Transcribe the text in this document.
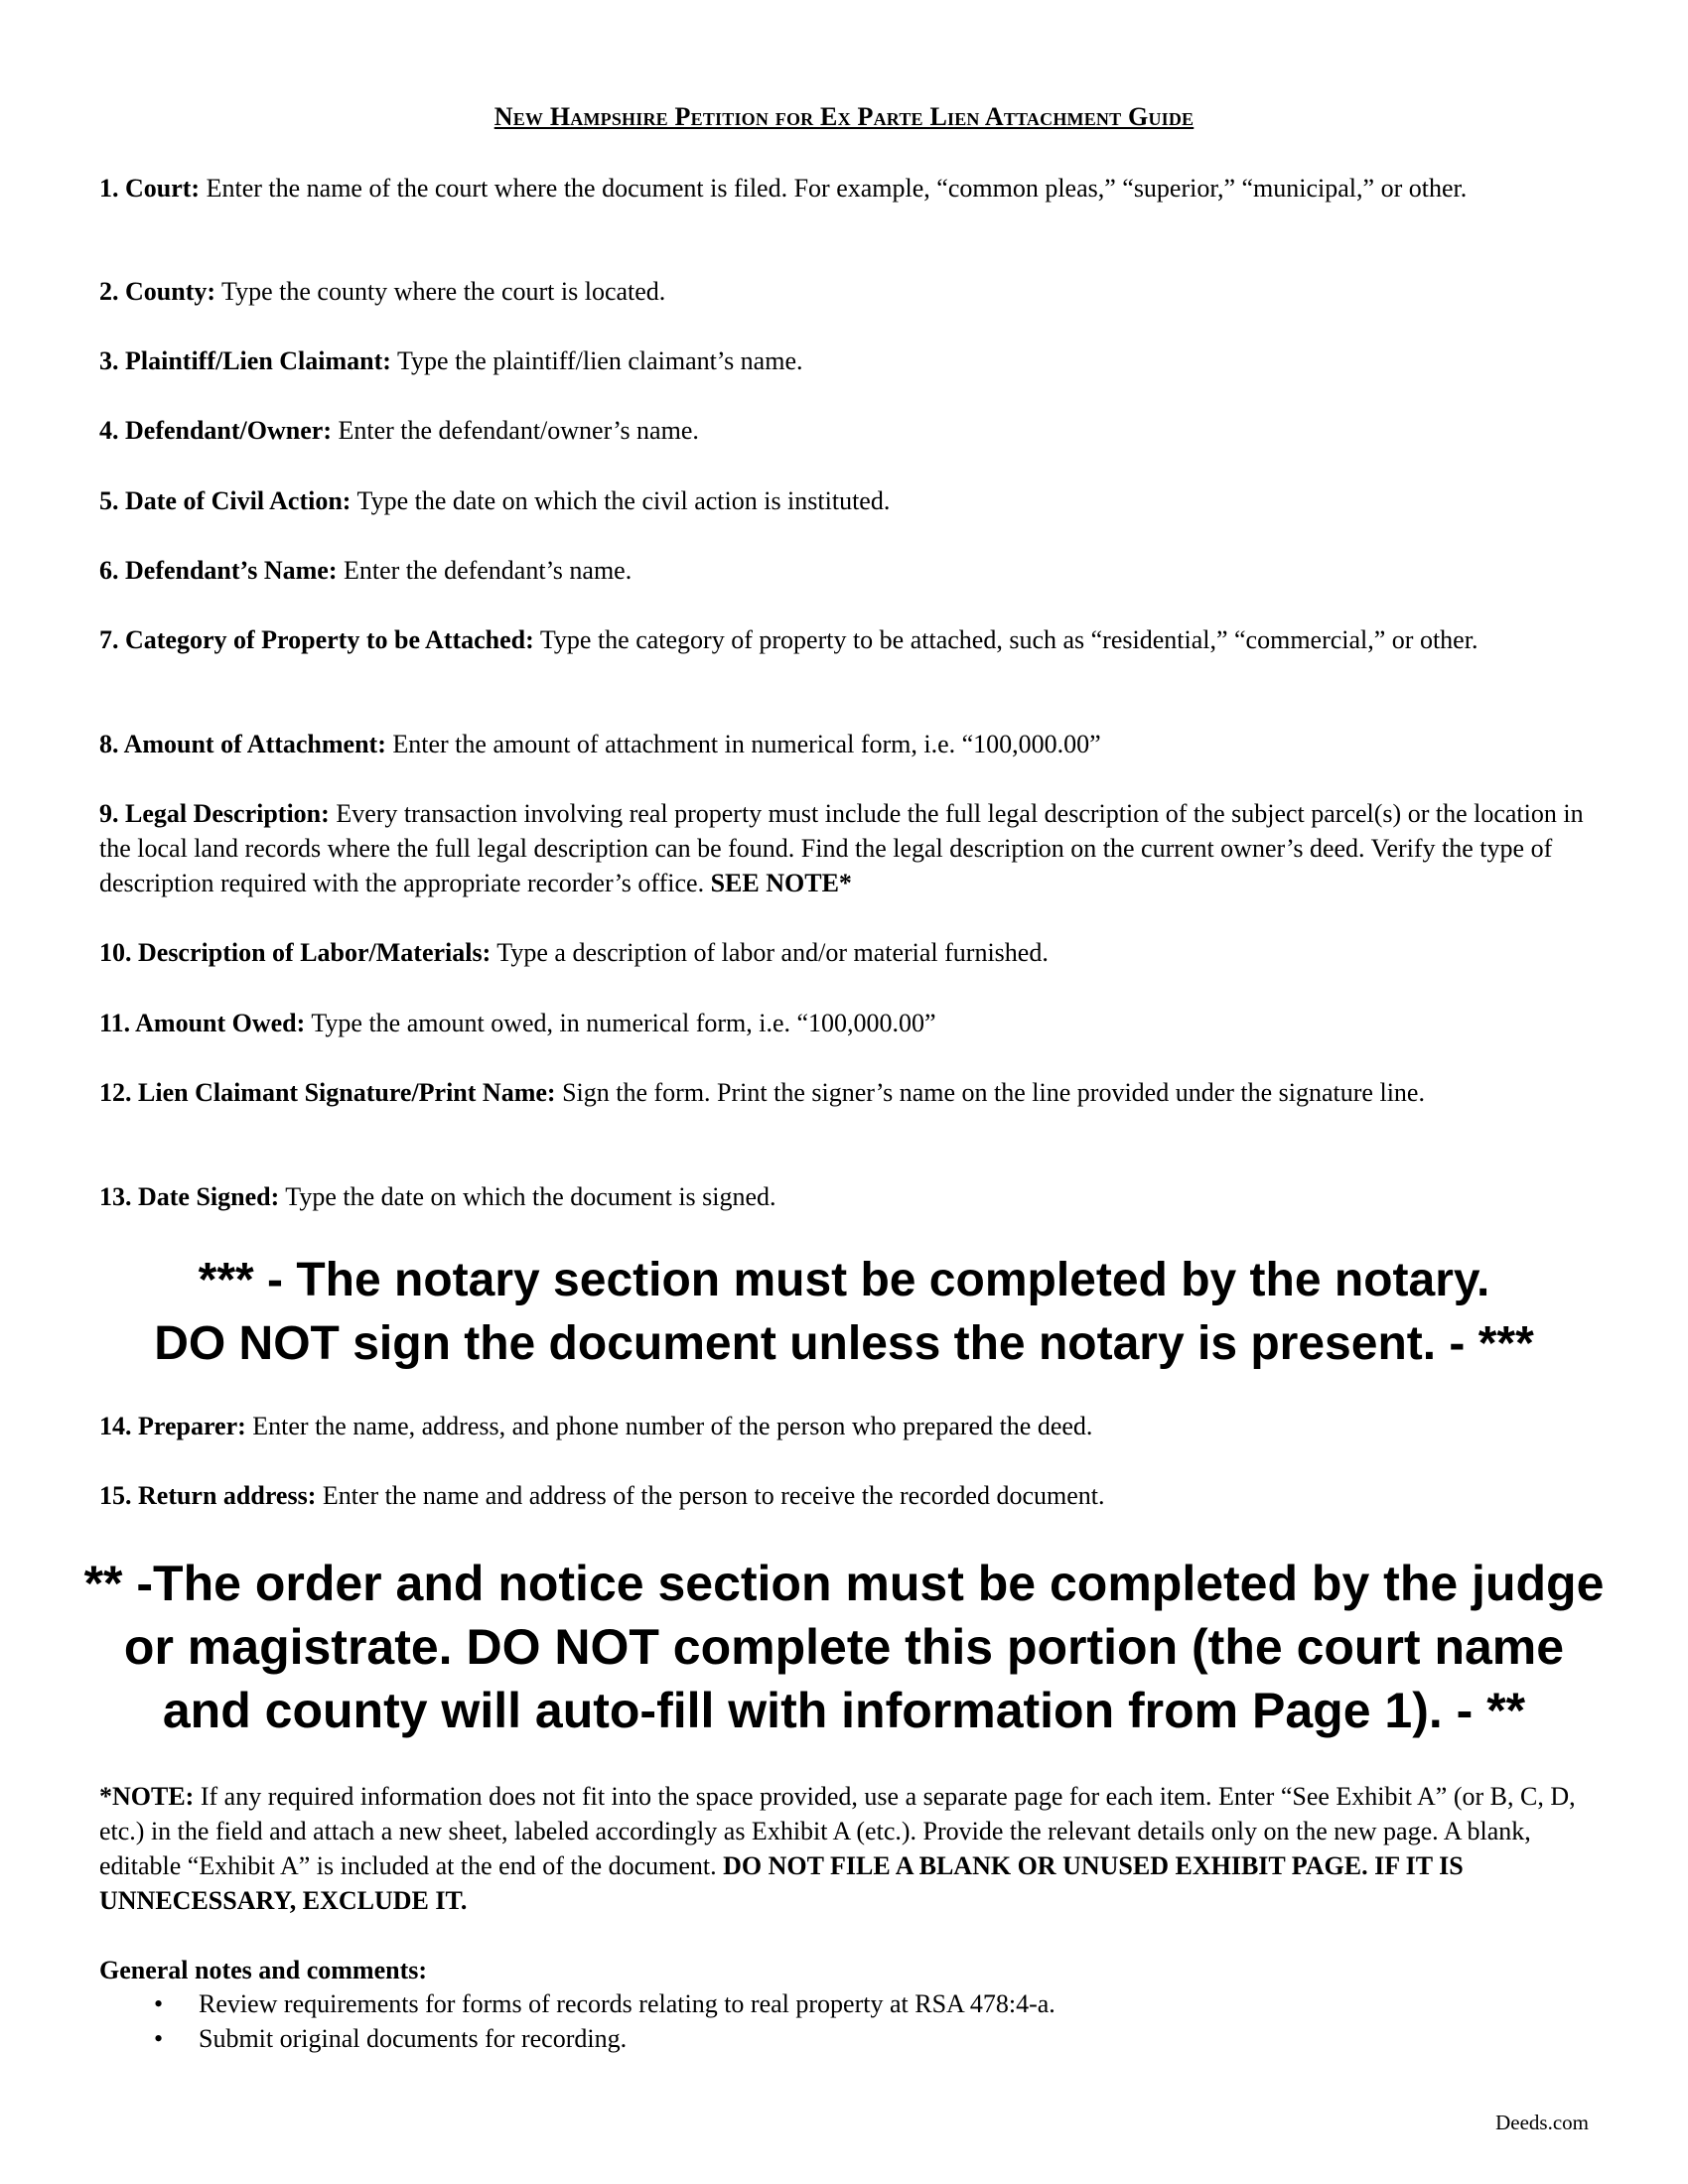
New Hampshire Petition for Ex Parte Lien Attachment Guide
1. Court: Enter the name of the court where the document is filed. For example, “common pleas,” “superior,” “municipal,” or other.
2. County: Type the county where the court is located.
3. Plaintiff/Lien Claimant: Type the plaintiff/lien claimant’s name.
4. Defendant/Owner: Enter the defendant/owner’s name.
5. Date of Civil Action: Type the date on which the civil action is instituted.
6. Defendant’s Name: Enter the defendant’s name.
7. Category of Property to be Attached: Type the category of property to be attached, such as “residential,” “commercial,” or other.
8. Amount of Attachment: Enter the amount of attachment in numerical form, i.e. “100,000.00”
9. Legal Description: Every transaction involving real property must include the full legal description of the subject parcel(s) or the location in the local land records where the full legal description can be found. Find the legal description on the current owner’s deed. Verify the type of description required with the appropriate recorder’s office. SEE NOTE*
10. Description of Labor/Materials: Type a description of labor and/or material furnished.
11. Amount Owed: Type the amount owed, in numerical form, i.e. “100,000.00”
12. Lien Claimant Signature/Print Name: Sign the form. Print the signer’s name on the line provided under the signature line.
13. Date Signed: Type the date on which the document is signed.
*** - The notary section must be completed by the notary.
DO NOT sign the document unless the notary is present. - ***
14. Preparer: Enter the name, address, and phone number of the person who prepared the deed.
15. Return address: Enter the name and address of the person to receive the recorded document.
** -The order and notice section must be completed by the judge
or magistrate. DO NOT complete this portion (the court name
and county will auto-fill with information from Page 1). - **
*NOTE: If any required information does not fit into the space provided, use a separate page for each item. Enter “See Exhibit A” (or B, C, D, etc.) in the field and attach a new sheet, labeled accordingly as Exhibit A (etc.). Provide the relevant details only on the new page. A blank, editable “Exhibit A” is included at the end of the document. DO NOT FILE A BLANK OR UNUSED EXHIBIT PAGE. IF IT IS UNNECESSARY, EXCLUDE IT.
General notes and comments:
• Review requirements for forms of records relating to real property at RSA 478:4-a.
• Submit original documents for recording.
Deeds.com
